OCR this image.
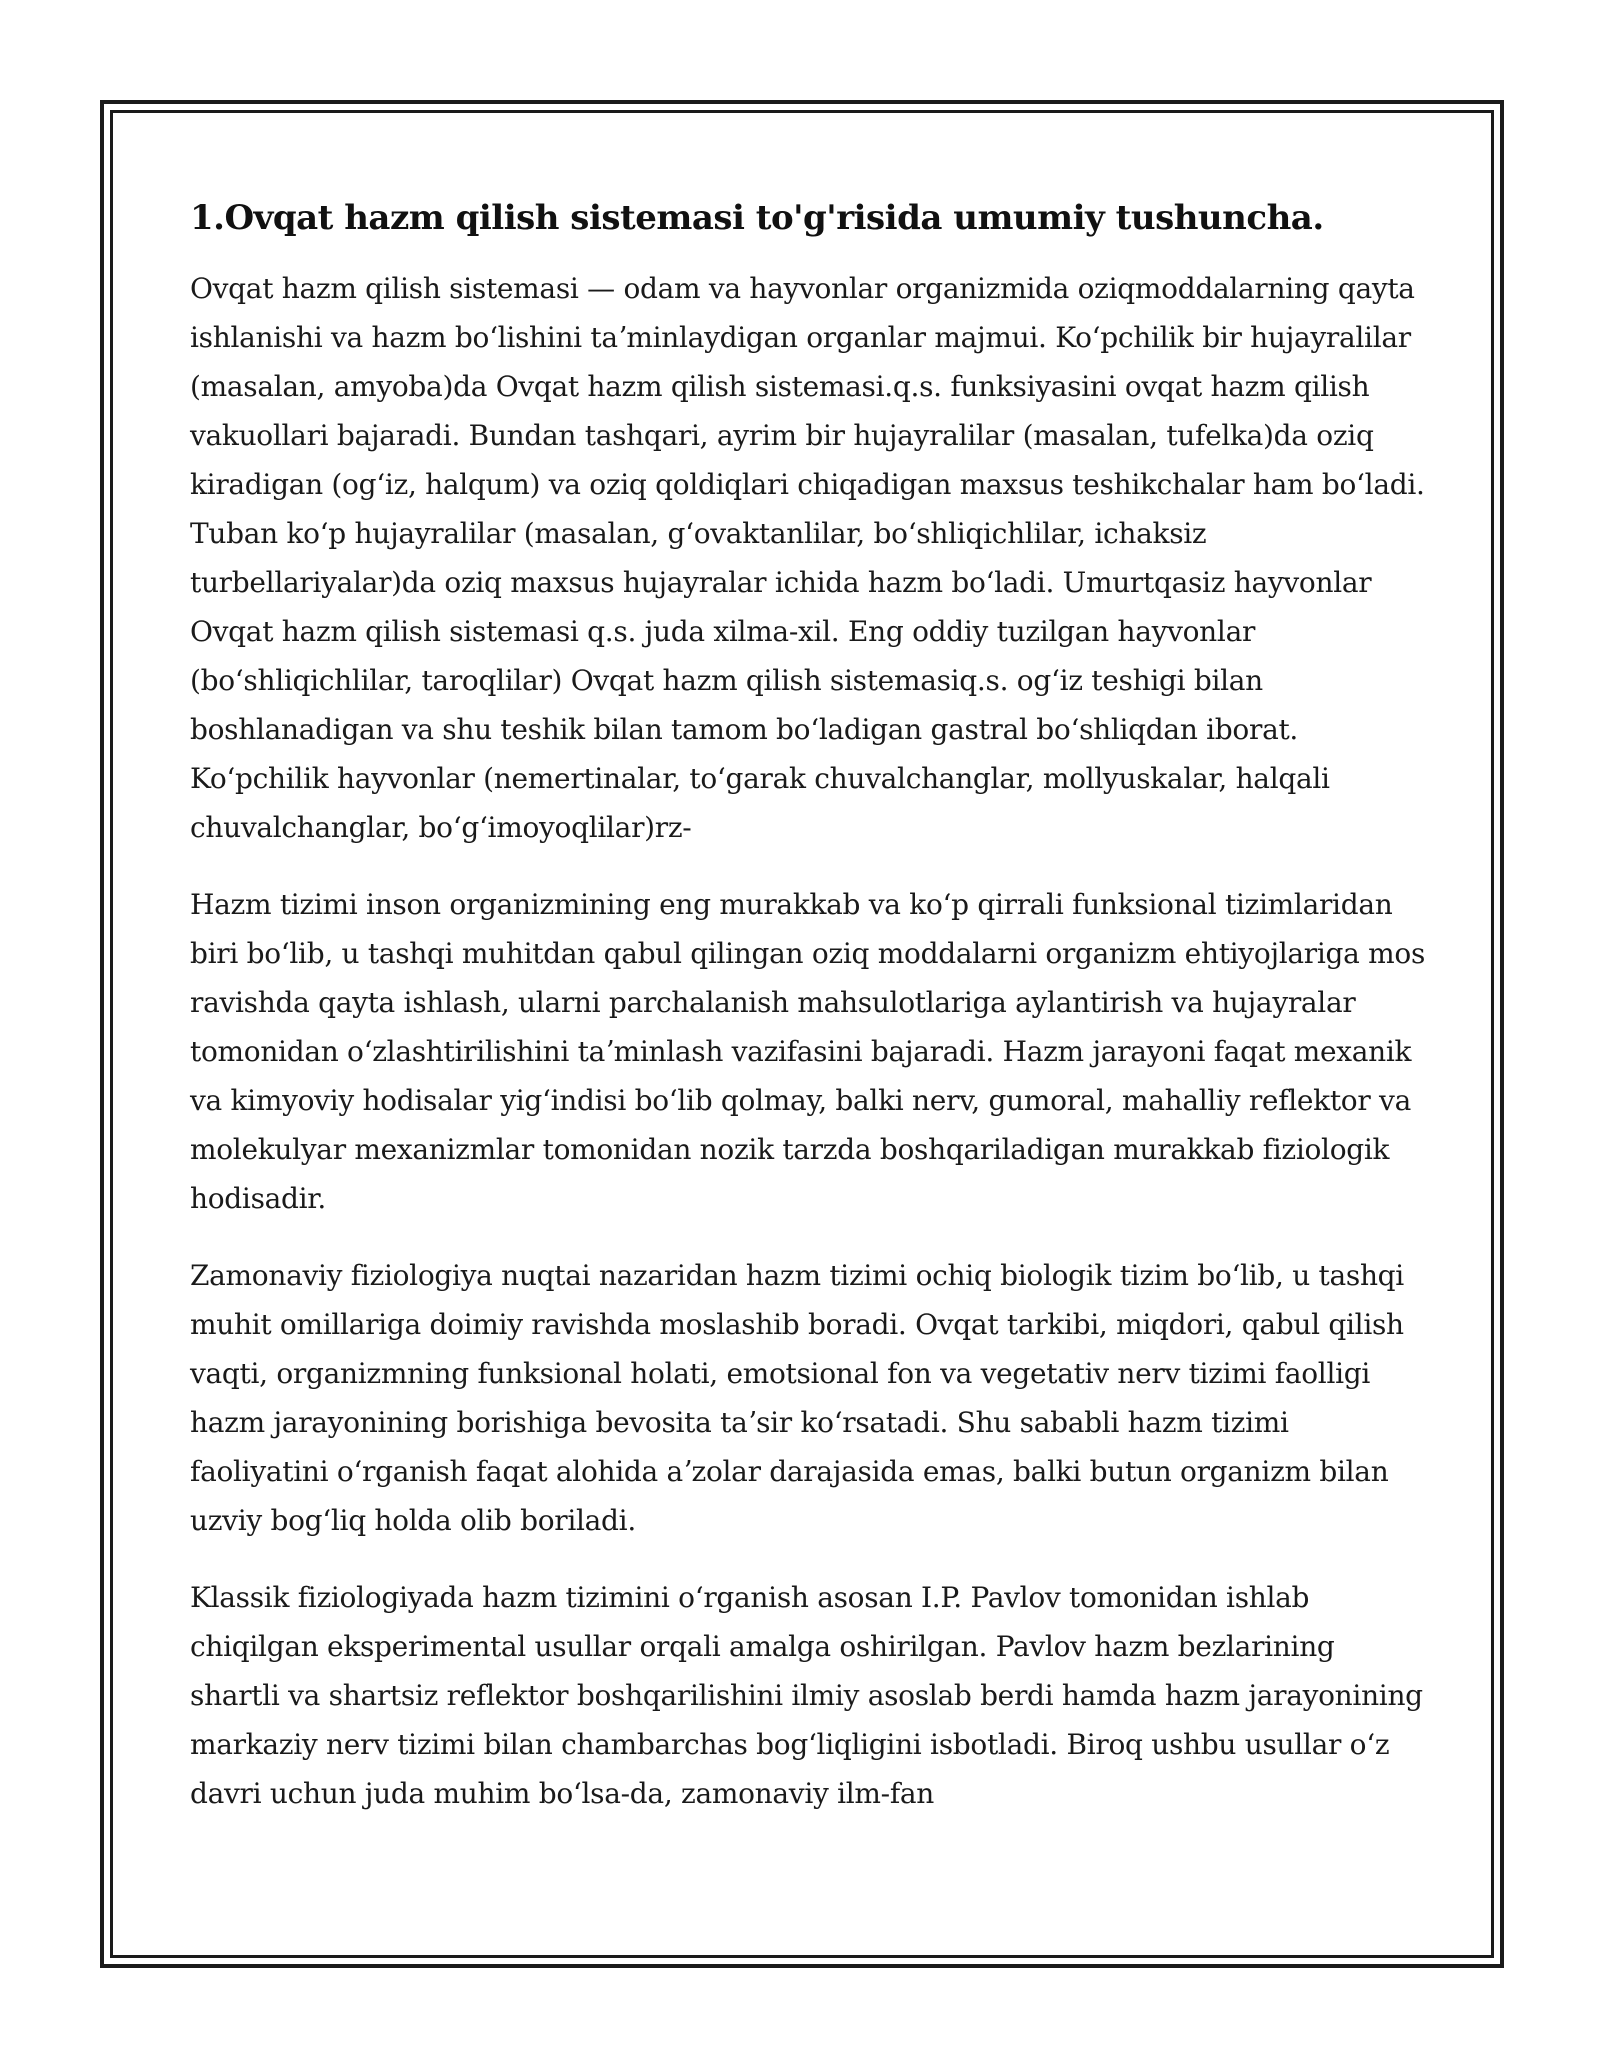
1.Ovqat hazm qilish sistemasi to'g'risida umumiy tushuncha.

Ovqat hazm qilish sistemasi — odam va hayvonlar organizmida oziqmoddalarning qayta ishlanishi va hazm boʻlishini taʼminlaydigan organlar majmui. Koʻpchilik bir hujayralilar (masalan, amyoba)da Ovqat hazm qilish sistemasi.q.s. funksiyasini ovqat hazm qilish vakuollari bajaradi. Bundan tashqari, ayrim bir hujayralilar (masalan, tufelka)da oziq kiradigan (ogʻiz, halqum) va oziq qoldiqlari chiqadigan maxsus teshikchalar ham boʻladi. Tuban koʻp hujayralilar (masalan, gʻovaktanlilar, boʻshliqichlilar, ichaksiz turbellariyalar)da oziq maxsus hujayralar ichida hazm boʻladi. Umurtqasiz hayvonlar Ovqat hazm qilish sistemasi q.s. juda xilma-xil. Eng oddiy tuzilgan hayvonlar (boʻshliqichlilar, taroqlilar) Ovqat hazm qilish sistemasiq.s. ogʻiz teshigi bilan boshlanadigan va shu teshik bilan tamom boʻladigan gastral boʻshliqdan iborat. Koʻpchilik hayvonlar (nemertinalar, toʻgarak chuvalchanglar, mollyuskalar, halqali chuvalchanglar, boʻgʻimoyoqlilar)rz-

Hazm tizimi inson organizmining eng murakkab va koʻp qirrali funksional tizimlaridan biri boʻlib, u tashqi muhitdan qabul qilingan oziq moddalarni organizm ehtiyojlariga mos ravishda qayta ishlash, ularni parchalanish mahsulotlariga aylantirish va hujayralar tomonidan oʻzlashtirilishini taʼminlash vazifasini bajaradi. Hazm jarayoni faqat mexanik va kimyoviy hodisalar yigʻindisi boʻlib qolmay, balki nerv, gumoral, mahalliy reflektor va molekulyar mexanizmlar tomonidan nozik tarzda boshqariladigan murakkab fiziologik hodisadir.

Zamonaviy fiziologiya nuqtai nazaridan hazm tizimi ochiq biologik tizim boʻlib, u tashqi muhit omillariga doimiy ravishda moslashib boradi. Ovqat tarkibi, miqdori, qabul qilish vaqti, organizmning funksional holati, emotsional fon va vegetativ nerv tizimi faolligi hazm jarayonining borishiga bevosita taʼsir koʻrsatadi. Shu sababli hazm tizimi faoliyatini oʻrganish faqat alohida aʼzolar darajasida emas, balki butun organizm bilan uzviy bogʻliq holda olib boriladi.

Klassik fiziologiyada hazm tizimini oʻrganish asosan I.P. Pavlov tomonidan ishlab chiqilgan eksperimental usullar orqali amalga oshirilgan. Pavlov hazm bezlarining shartli va shartsiz reflektor boshqarilishini ilmiy asoslab berdi hamda hazm jarayonining markaziy nerv tizimi bilan chambarchas bogʻliqligini isbotladi. Biroq ushbu usullar oʻz davri uchun juda muhim boʻlsa-da, zamonaviy ilm-fan
